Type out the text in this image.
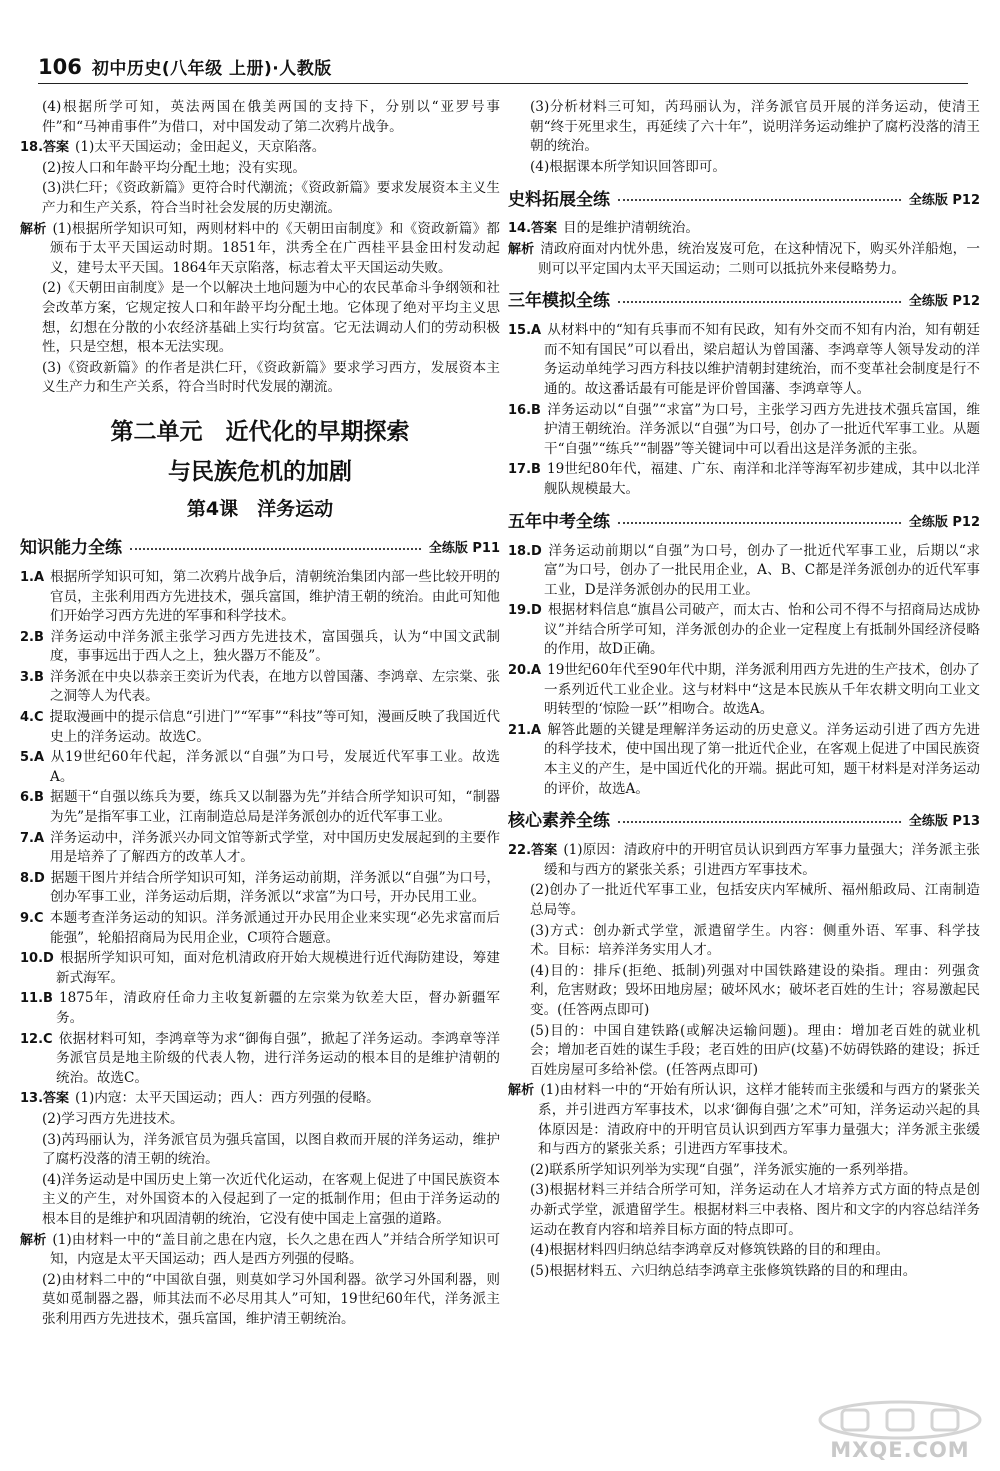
106 初中历史(八年级 上册)·人教版

(4)根据所学可知，英法两国在俄美两国的支持下，分别以“亚罗号事件”和“马神甫事件”为借口，对中国发动了第二次鸦片战争。

18.答案 (1)太平天国运动；金田起义，天京陷落。

(2)按人口和年龄平均分配土地；没有实现。

(3)洪仁玕；《资政新篇》更符合时代潮流；《资政新篇》要求发展资本主义生产力和生产关系，符合当时社会发展的历史潮流。

解析 (1)根据所学知识可知，两则材料中的《天朝田亩制度》和《资政新篇》都颁布于太平天国运动时期。1851年，洪秀全在广西桂平县金田村发动起义，建号太平天国。1864年天京陷落，标志着太平天国运动失败。

(2)《天朝田亩制度》是一个以解决土地问题为中心的农民革命斗争纲领和社会改革方案，它规定按人口和年龄平均分配土地。它体现了绝对平均主义思想，幻想在分散的小农经济基础上实行均贫富。它无法调动人们的劳动积极性，只是空想，根本无法实现。

(3)《资政新篇》的作者是洪仁玕，《资政新篇》要求学习西方，发展资本主义生产力和生产关系，符合当时时代发展的潮流。

第二单元　近代化的早期探索
与民族危机的加剧
第4课　洋务运动
知识能力全练	全练版 P11

1.A 根据所学知识可知，第二次鸦片战争后，清朝统治集团内部一些比较开明的官员，主张利用西方先进技术，强兵富国，维护清王朝的统治。由此可知他们开始学习西方先进的军事和科学技术。

2.B 洋务运动中洋务派主张学习西方先进技术，富国强兵，认为“中国文武制度，事事远出于西人之上，独火器万不能及”。

3.B 洋务派在中央以恭亲王奕䜣为代表，在地方以曾国藩、李鸿章、左宗棠、张之洞等人为代表。

4.C 提取漫画中的提示信息“引进门”“军事”“科技”等可知，漫画反映了我国近代史上的洋务运动。故选C。

5.A 从19世纪60年代起，洋务派以“自强”为口号，发展近代军事工业。故选A。

6.B 据题干“自强以练兵为要，练兵又以制器为先”并结合所学知识可知，“制器为先”是指军事工业，江南制造总局是洋务派创办的近代军事工业。

7.A 洋务运动中，洋务派兴办同文馆等新式学堂，对中国历史发展起到的主要作用是培养了了解西方的改革人才。

8.D 据题干图片并结合所学知识可知，洋务运动前期，洋务派以“自强”为口号，创办军事工业，洋务运动后期，洋务派以“求富”为口号，开办民用工业。

9.C 本题考查洋务运动的知识。洋务派通过开办民用企业来实现“必先求富而后能强”，轮船招商局为民用企业，C项符合题意。

10.D 根据所学知识可知，面对危机清政府开始大规模进行近代海防建设，筹建新式海军。

11.B 1875年，清政府任命力主收复新疆的左宗棠为钦差大臣，督办新疆军务。

12.C 依据材料可知，李鸿章等为求“御侮自强”，掀起了洋务运动。李鸿章等洋务派官员是地主阶级的代表人物，进行洋务运动的根本目的是维护清朝的统治。故选C。

13.答案 (1)内寇：太平天国运动；西人：西方列强的侵略。

(2)学习西方先进技术。

(3)芮玛丽认为，洋务派官员为强兵富国，以图自救而开展的洋务运动，维护了腐朽没落的清王朝的统治。

(4)洋务运动是中国历史上第一次近代化运动，在客观上促进了中国民族资本主义的产生，对外国资本的入侵起到了一定的抵制作用；但由于洋务运动的根本目的是维护和巩固清朝的统治，它没有使中国走上富强的道路。

解析 (1)由材料一中的“盖目前之患在内寇，长久之患在西人”并结合所学知识可知，内寇是太平天国运动；西人是西方列强的侵略。

(2)由材料二中的“中国欲自强，则莫如学习外国利器。欲学习外国利器，则莫如觅制器之器，师其法而不必尽用其人”可知，19世纪60年代，洋务派主张利用西方先进技术，强兵富国，维护清王朝统治。

(3)分析材料三可知，芮玛丽认为，洋务派官员开展的洋务运动，使清王朝“终于死里求生，再延续了六十年”，说明洋务运动维护了腐朽没落的清王朝的统治。

(4)根据课本所学知识回答即可。

史料拓展全练	全练版 P12

14.答案 目的是维护清朝统治。

解析 清政府面对内忧外患，统治岌岌可危，在这种情况下，购买外洋船炮，一则可以平定国内太平天国运动；二则可以抵抗外来侵略势力。

三年模拟全练	全练版 P12

15.A 从材料中的“知有兵事而不知有民政，知有外交而不知有内治，知有朝廷而不知有国民”可以看出，梁启超认为曾国藩、李鸿章等人领导发动的洋务运动单纯学习西方科技以维护清朝封建统治，而不变革社会制度是行不通的。故这番话最有可能是评价曾国藩、李鸿章等人。

16.B 洋务运动以“自强”“求富”为口号，主张学习西方先进技术强兵富国，维护清王朝统治。洋务派以“自强”为口号，创办了一批近代军事工业。从题干“自强”“练兵”“制器”等关键词中可以看出这是洋务派的主张。

17.B 19世纪80年代，福建、广东、南洋和北洋等海军初步建成，其中以北洋舰队规模最大。

五年中考全练	全练版 P12

18.D 洋务运动前期以“自强”为口号，创办了一批近代军事工业，后期以“求富”为口号，创办了一批民用企业，A、B、C都是洋务派创办的近代军事工业，D是洋务派创办的民用工业。

19.D 根据材料信息“旗昌公司破产，而太古、怡和公司不得不与招商局达成协议”并结合所学可知，洋务派创办的企业一定程度上有抵制外国经济侵略的作用，故D正确。

20.A 19世纪60年代至90年代中期，洋务派利用西方先进的生产技术，创办了一系列近代工业企业。这与材料中“这是本民族从千年农耕文明向工业文明转型的‘惊险一跃’”相吻合。故选A。

21.A 解答此题的关键是理解洋务运动的历史意义。洋务运动引进了西方先进的科学技术，使中国出现了第一批近代企业，在客观上促进了中国民族资本主义的产生，是中国近代化的开端。据此可知，题干材料是对洋务运动的评价，故选A。

核心素养全练	全练版 P13

22.答案 (1)原因：清政府中的开明官员认识到西方军事力量强大；洋务派主张缓和与西方的紧张关系；引进西方军事技术。

(2)创办了一批近代军事工业，包括安庆内军械所、福州船政局、江南制造总局等。

(3)方式：创办新式学堂，派遣留学生。内容：侧重外语、军事、科学技术。目标：培养洋务实用人才。

(4)目的：排斥(拒绝、抵制)列强对中国铁路建设的染指。理由：列强贪利，危害财政；毁坏田地房屋；破坏风水；破坏老百姓的生计；容易激起民变。(任答两点即可)

(5)目的：中国自建铁路(或解决运输问题)。理由：增加老百姓的就业机会；增加老百姓的谋生手段；老百姓的田庐(坟墓)不妨碍铁路的建设；拆迁百姓房屋可多给补偿。(任答两点即可)

解析 (1)由材料一中的“开始有所认识，这样才能转而主张缓和与西方的紧张关系，并引进西方军事技术，以求‘御侮自强’之术”可知，洋务运动兴起的具体原因是：清政府中的开明官员认识到西方军事力量强大；洋务派主张缓和与西方的紧张关系；引进西方军事技术。

(2)联系所学知识列举为实现“自强”，洋务派实施的一系列举措。

(3)根据材料三并结合所学可知，洋务运动在人才培养方式方面的特点是创办新式学堂，派遣留学生。根据材料三中表格、图片和文字的内容总结洋务运动在教育内容和培养目标方面的特点即可。

(4)根据材料四归纳总结李鸿章反对修筑铁路的目的和理由。

(5)根据材料五、六归纳总结李鸿章主张修筑铁路的目的和理由。

MXQE.COM
